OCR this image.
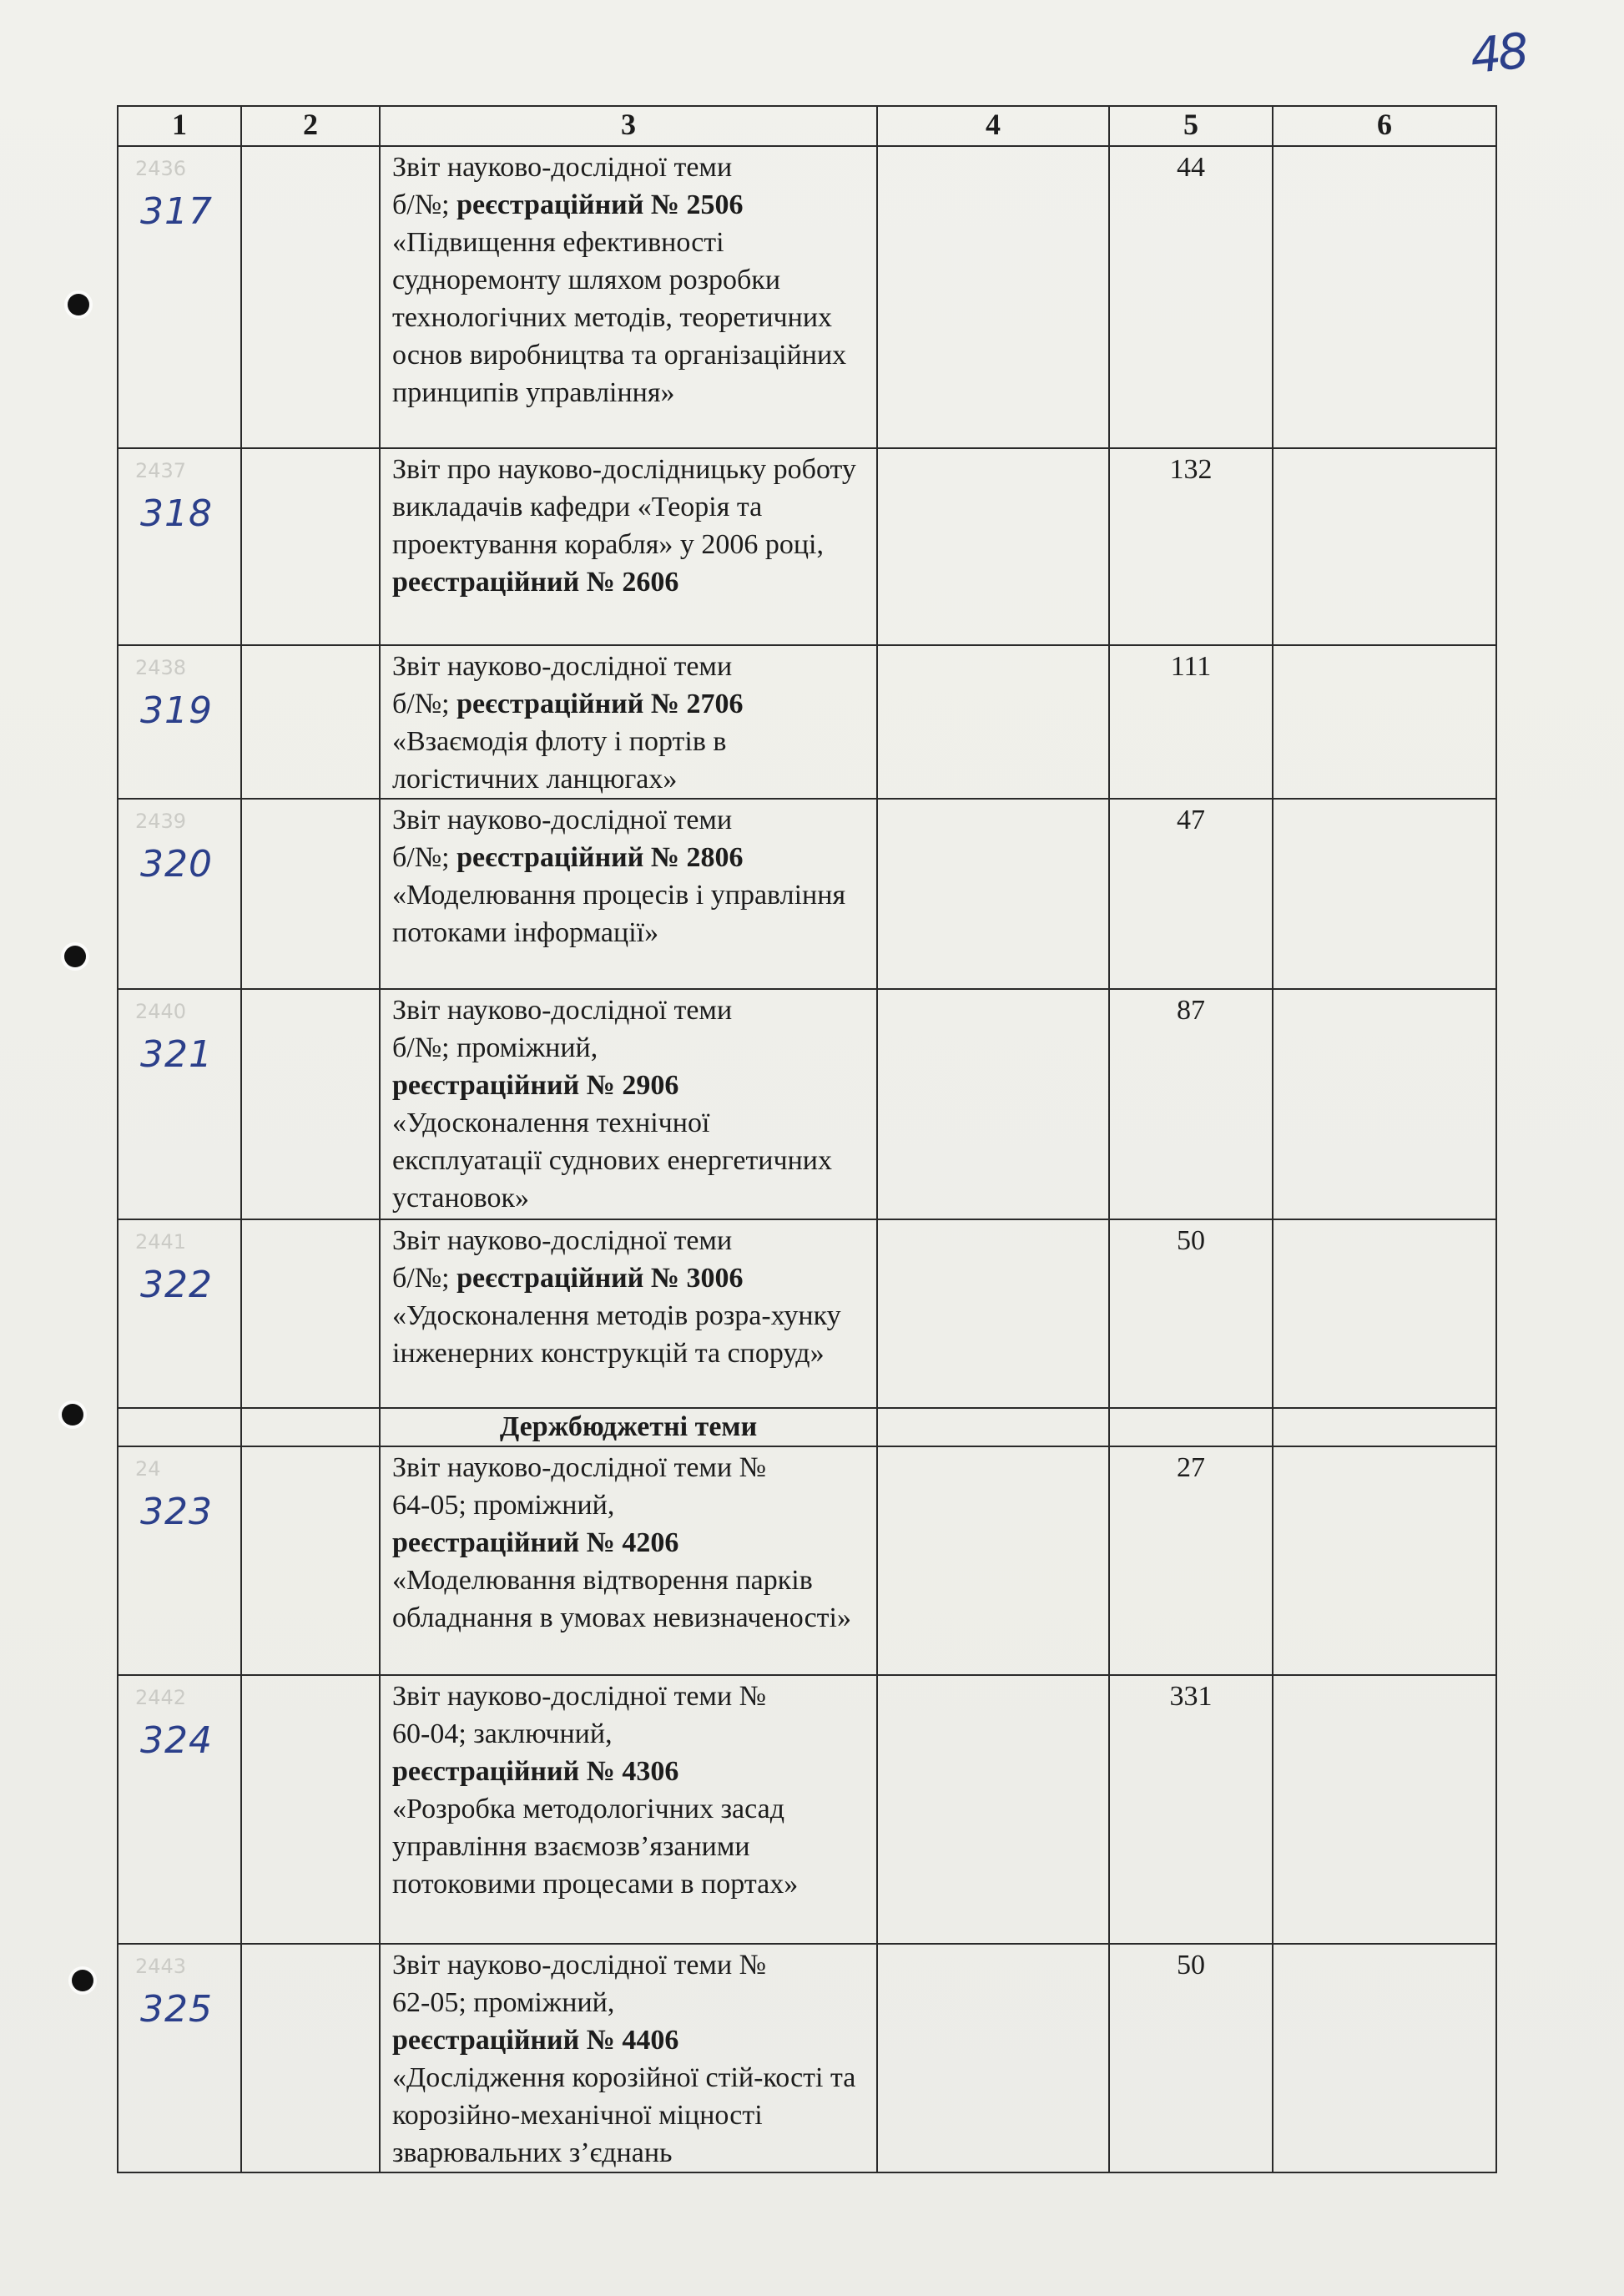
48
1	2	3	4	5	6

2436
317		Звіт науково-дослідної теми
б/№; реєстраційний № 2506
«Підвищення ефективності судноремонту шляхом розробки технологічних методів, теоретичних основ виробництва та організаційних принципів управління»		44	

2437
318		Звіт про науково-дослідницьку роботу викладачів кафедри «Теорія та проектування корабля» у 2006 році,
реєстраційний № 2606		132	

2438
319		Звіт науково-дослідної теми
б/№; реєстраційний № 2706
«Взаємодія флоту і портів в логістичних ланцюгах»		111	

2439
320		Звіт науково-дослідної теми
б/№; реєстраційний № 2806
«Моделювання процесів і управління потоками інформації»		47	

2440
321		Звіт науково-дослідної теми
б/№; проміжний,
реєстраційний № 2906
«Удосконалення технічної експлуатації суднових енергетичних установок»		87	

2441
322		Звіт науково-дослідної теми
б/№; реєстраційний № 3006
«Удосконалення методів розра-хунку інженерних конструкцій та споруд»		50	
		Держбюджетні теми			

24
323		Звіт науково-дослідної теми №
64-05; проміжний,
реєстраційний № 4206
«Моделювання відтворення парків обладнання в умовах невизначеності»		27	

2442
324		Звіт науково-дослідної теми №
60-04; заключний,
реєстраційний № 4306
«Розробка методологічних засад управління взаємозв’язаними потоковими процесами в портах»		331	

2443
325		Звіт науково-дослідної теми №
62-05; проміжний,
реєстраційний № 4406
«Дослідження корозійної стій-кості та корозійно-механічної міцності зварювальних з’єднань		50	
